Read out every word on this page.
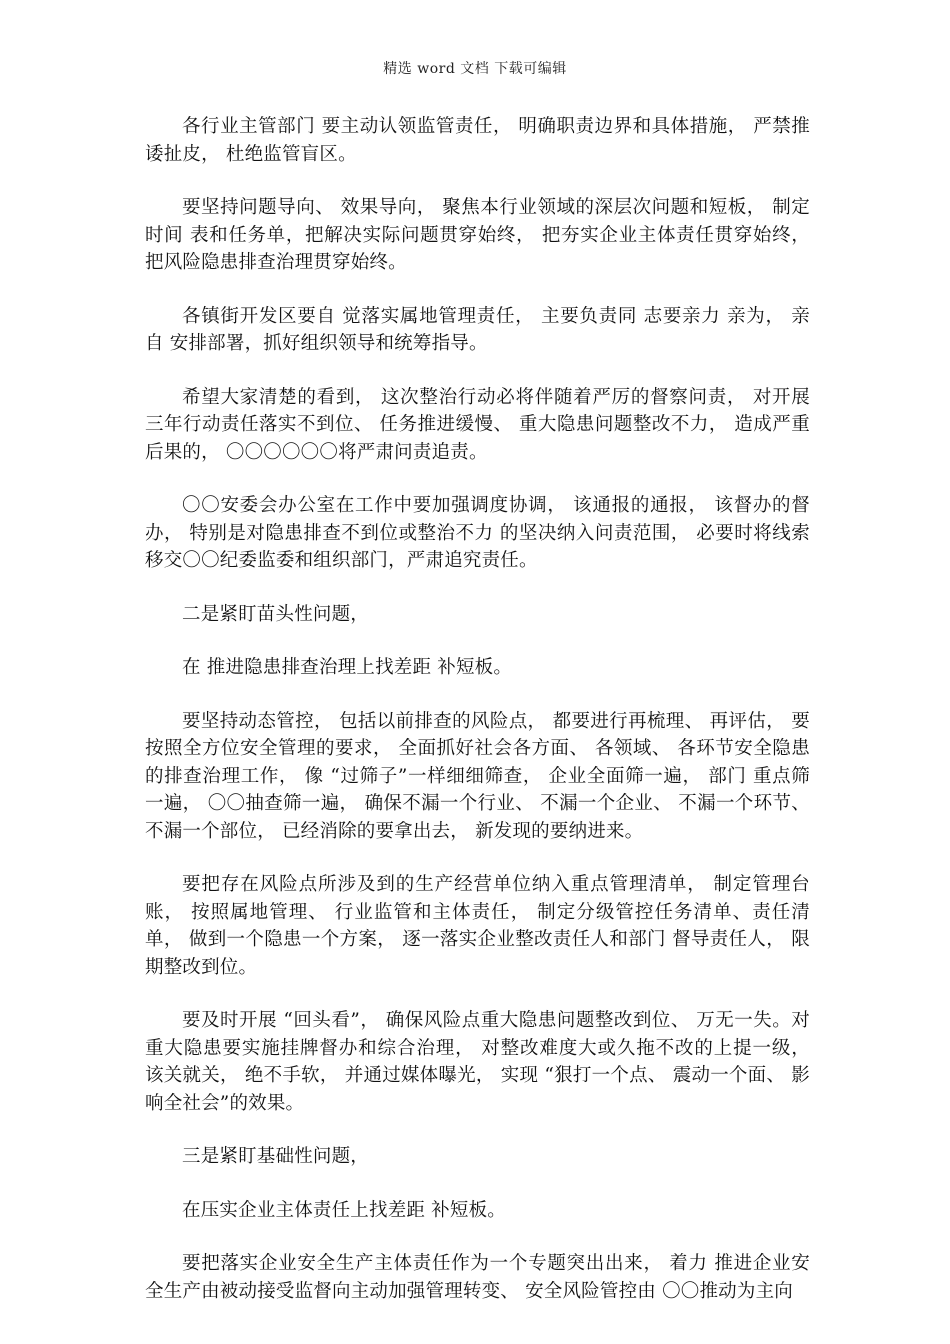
精选 word 文档 下载可编辑

各行业主管部门 要主动认领监管责任， 明确职责边界和具体措施， 严禁推诿扯皮， 杜绝监管盲区。

要坚持问题导向、 效果导向， 聚焦本行业领域的深层次问题和短板， 制定时间 表和任务单，把解决实际问题贯穿始终， 把夯实企业主体责任贯穿始终，把风险隐患排查治理贯穿始终。

各镇街开发区要自 觉落实属地管理责任， 主要负责同 志要亲力 亲为， 亲自 安排部署，抓好组织领导和统筹指导。

希望大家清楚的看到， 这次整治行动必将伴随着严厉的督察问责， 对开展三年行动责任落实不到位、 任务推进缓慢、 重大隐患问题整改不力， 造成严重后果的， 〇〇〇〇〇〇将严肃问责追责。

〇〇安委会办公室在工作中要加强调度协调， 该通报的通报， 该督办的督办， 特别是对隐患排查不到位或整治不力 的坚决纳入问责范围， 必要时将线索移交〇〇纪委监委和组织部门，严肃追究责任。

二是紧盯苗头性问题，

在 推进隐患排查治理上找差距 补短板。

要坚持动态管控， 包括以前排查的风险点， 都要进行再梳理、 再评估， 要按照全方位安全管理的要求， 全面抓好社会各方面、 各领域、 各环节安全隐患的排查治理工作， 像 “过筛子”一样细细筛查， 企业全面筛一遍， 部门 重点筛一遍， 〇〇抽查筛一遍， 确保不漏一个行业、 不漏一个企业、 不漏一个环节、 不漏一个部位， 已经消除的要拿出去， 新发现的要纳进来。

要把存在风险点所涉及到的生产经营单位纳入重点管理清单， 制定管理台账， 按照属地管理、 行业监管和主体责任， 制定分级管控任务清单、责任清单， 做到一个隐患一个方案， 逐一落实企业整改责任人和部门 督导责任人， 限期整改到位。

要及时开展 “回头看”， 确保风险点重大隐患问题整改到位、 万无一失。对重大隐患要实施挂牌督办和综合治理， 对整改难度大或久拖不改的上提一级， 该关就关， 绝不手软， 并通过媒体曝光， 实现 “狠打一个点、 震动一个面、 影响全社会”的效果。

三是紧盯基础性问题，

在压实企业主体责任上找差距 补短板。

要把落实企业安全生产主体责任作为一个专题突出出来， 着力 推进企业安全生产由被动接受监督向主动加强管理转变、 安全风险管控由 〇〇推动为主向
